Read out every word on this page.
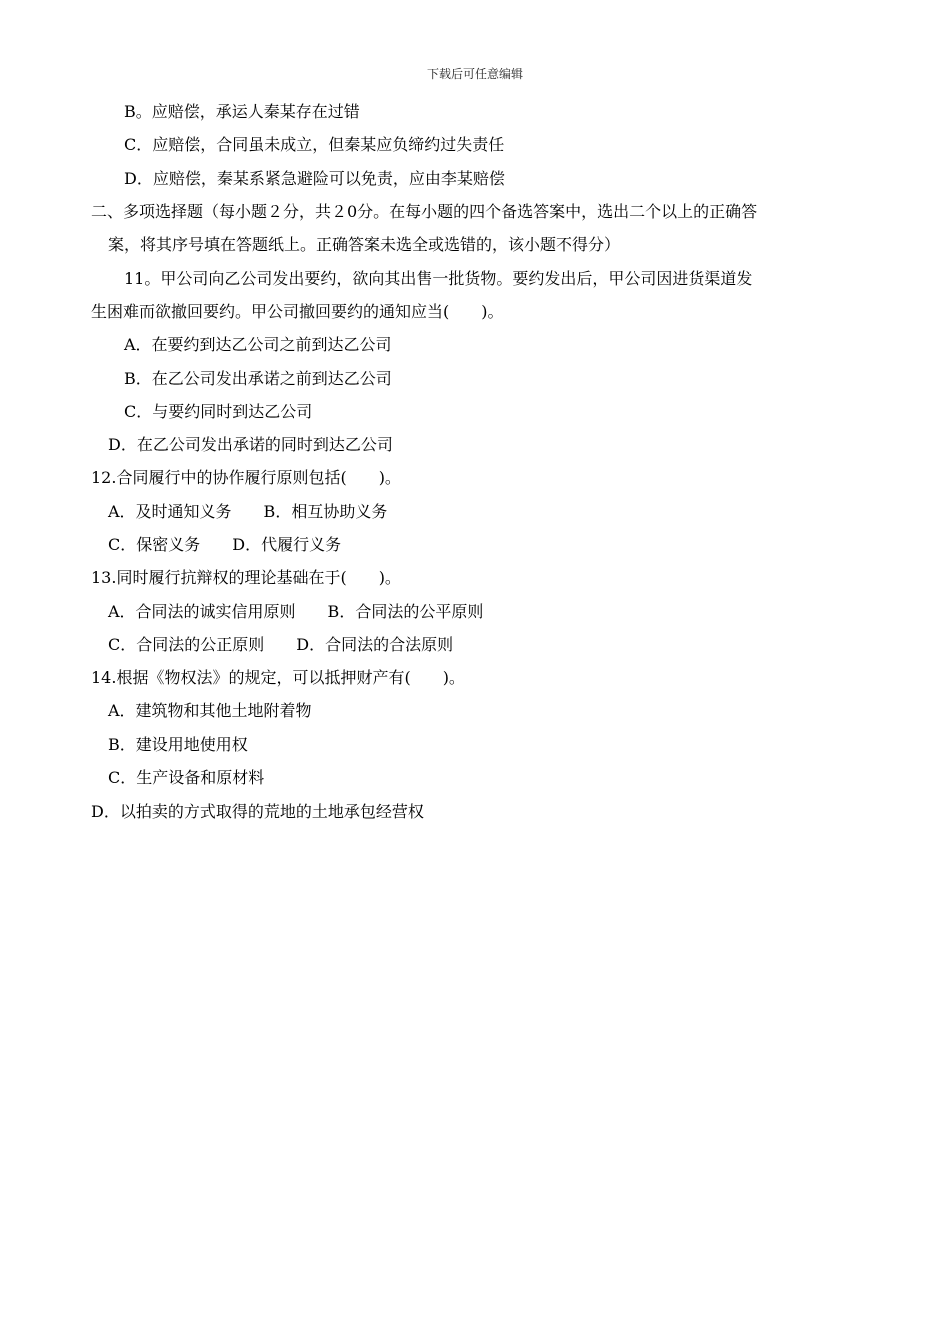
下载后可任意编辑
B。应赔偿，承运人秦某存在过错
C．应赔偿，合同虽未成立，但秦某应负缔约过失责任
D．应赔偿，秦某系紧急避险可以免责，应由李某赔偿
二、多项选择题（每小题２分，共２0分。在每小题的四个备选答案中，选出二个以上的正确答
案，将其序号填在答题纸上。正确答案未选全或选错的，该小题不得分）
11。甲公司向乙公司发出要约，欲向其出售一批货物。要约发出后，甲公司因进货渠道发
生困难而欲撤回要约。甲公司撤回要约的通知应当(　　)。
A．在要约到达乙公司之前到达乙公司
B．在乙公司发出承诺之前到达乙公司
C．与要约同时到达乙公司
D．在乙公司发出承诺的同时到达乙公司
12.合同履行中的协作履行原则包括(　　)。
A．及时通知义务　　B．相互协助义务
C．保密义务　　D．代履行义务
13.同时履行抗辩权的理论基础在于(　　)。
A．合同法的诚实信用原则　　B．合同法的公平原则
C．合同法的公正原则　　D．合同法的合法原则
14.根据《物权法》的规定，可以抵押财产有(　　)。
A．建筑物和其他土地附着物
B．建设用地使用权
C．生产设备和原材料
D．以拍卖的方式取得的荒地的土地承包经营权
